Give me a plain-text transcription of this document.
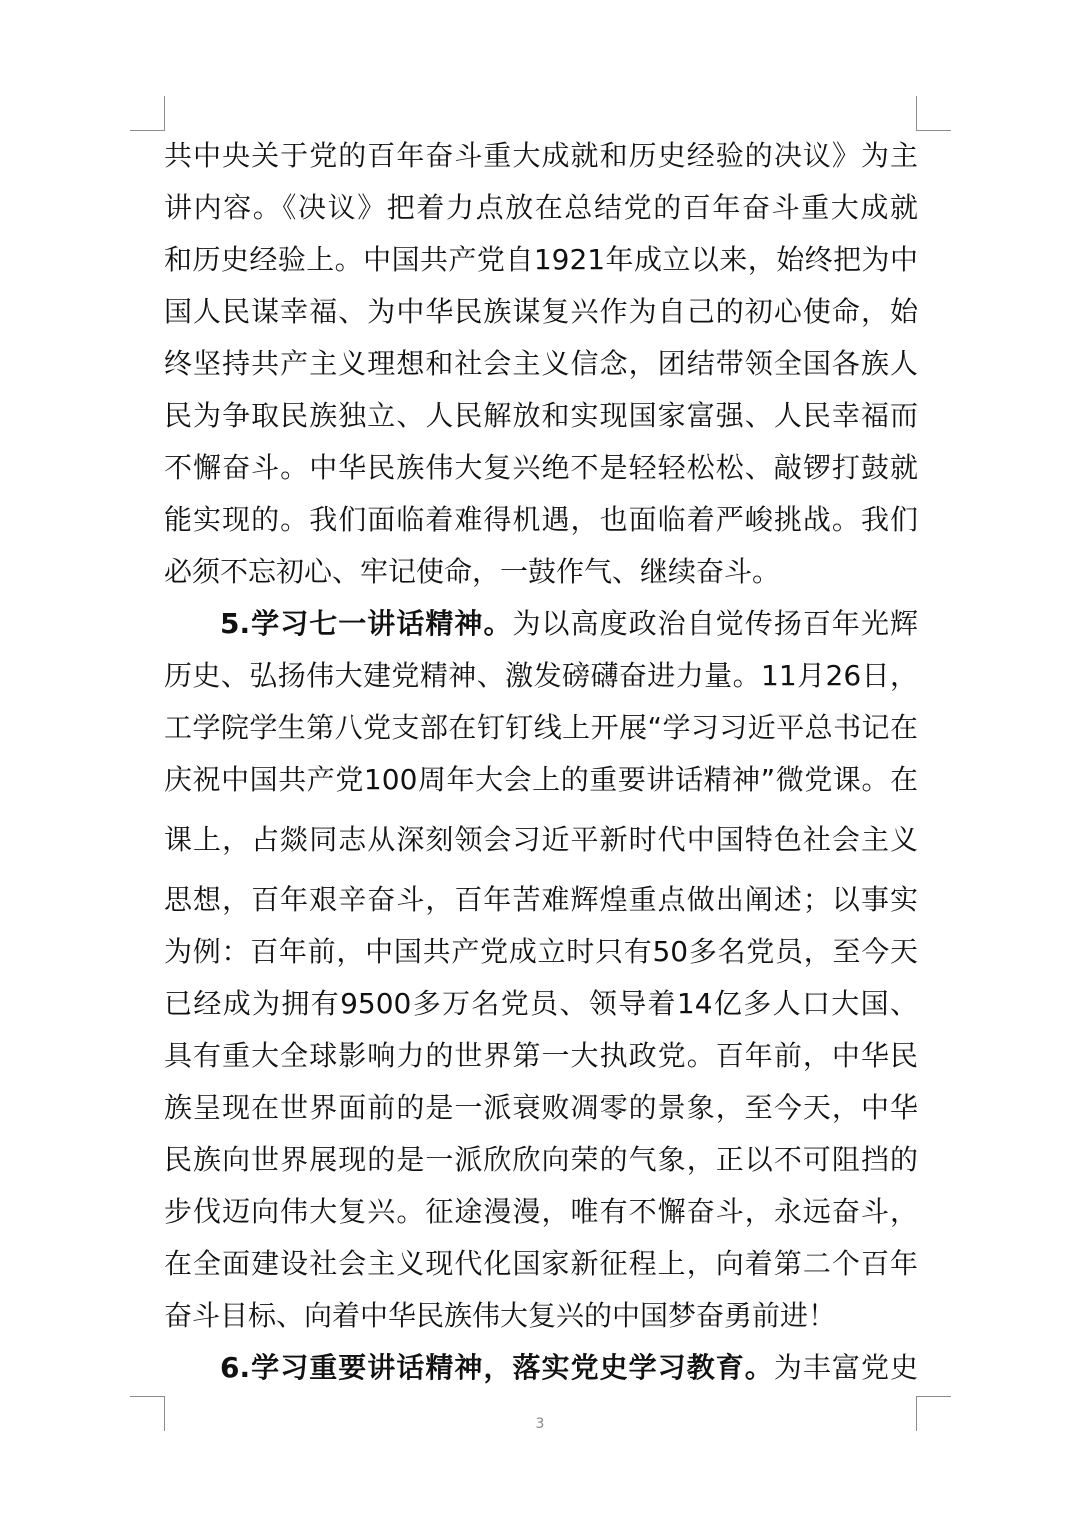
共中央关于党的百年奋斗重大成就和历史经验的决议》为主
讲内容。《决议》把着力点放在总结党的百年奋斗重大成就
和历史经验上。中国共产党自1921年成立以来，始终把为中
国人民谋幸福、为中华民族谋复兴作为自己的初心使命，始
终坚持共产主义理想和社会主义信念，团结带领全国各族人
民为争取民族独立、人民解放和实现国家富强、人民幸福而
不懈奋斗。中华民族伟大复兴绝不是轻轻松松、敲锣打鼓就
能实现的。我们面临着难得机遇，也面临着严峻挑战。我们
必须不忘初心、牢记使命，一鼓作气、继续奋斗。
5.学习七一讲话精神。为以高度政治自觉传扬百年光辉
历史、弘扬伟大建党精神、激发磅礴奋进力量。11月26日，
工学院学生第八党支部在钉钉线上开展“学习习近平总书记在
庆祝中国共产党100周年大会上的重要讲话精神”微党课。在
课上，占燚同志从深刻领会习近平新时代中国特色社会主义
思想，百年艰辛奋斗，百年苦难辉煌重点做出阐述；以事实
为例：百年前，中国共产党成立时只有50多名党员，至今天
已经成为拥有9500多万名党员、领导着14亿多人口大国、
具有重大全球影响力的世界第一大执政党。百年前，中华民
族呈现在世界面前的是一派衰败凋零的景象，至今天，中华
民族向世界展现的是一派欣欣向荣的气象，正以不可阻挡的
步伐迈向伟大复兴。征途漫漫，唯有不懈奋斗，永远奋斗，
在全面建设社会主义现代化国家新征程上，向着第二个百年
奋斗目标、向着中华民族伟大复兴的中国梦奋勇前进！
6.学习重要讲话精神，落实党史学习教育。为丰富党史
3
